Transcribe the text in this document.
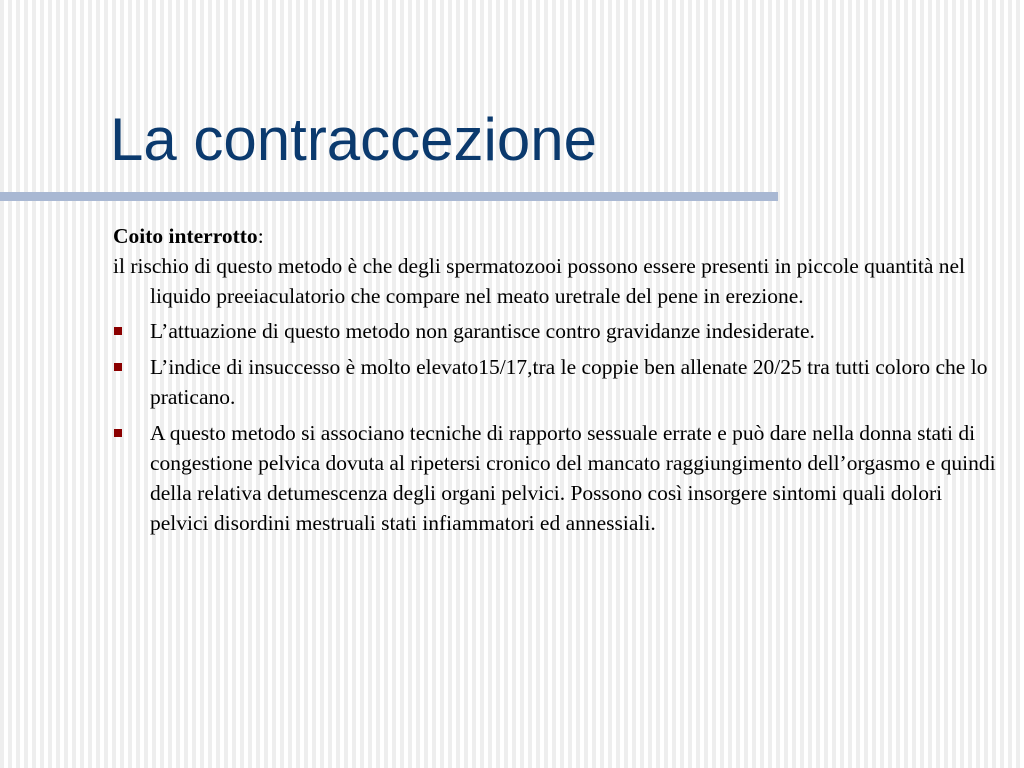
La contraccezione

Coito interrotto:

il rischio di questo metodo è che degli spermatozooi possono essere presenti in piccole quantità nel liquido preeiaculatorio che compare nel meato uretrale del pene in erezione.

L’attuazione di questo metodo non garantisce contro gravidanze indesiderate.
L’indice di insuccesso è molto elevato15/17,tra le coppie ben allenate 20/25 tra tutti coloro che lo praticano.
A questo metodo si associano tecniche di rapporto sessuale errate e può dare nella donna stati di congestione pelvica dovuta al ripetersi cronico del mancato raggiungimento dell’orgasmo e quindi della relativa detumescenza degli organi pelvici. Possono così insorgere sintomi quali dolori pelvici disordini mestruali stati infiammatori ed annessiali.
